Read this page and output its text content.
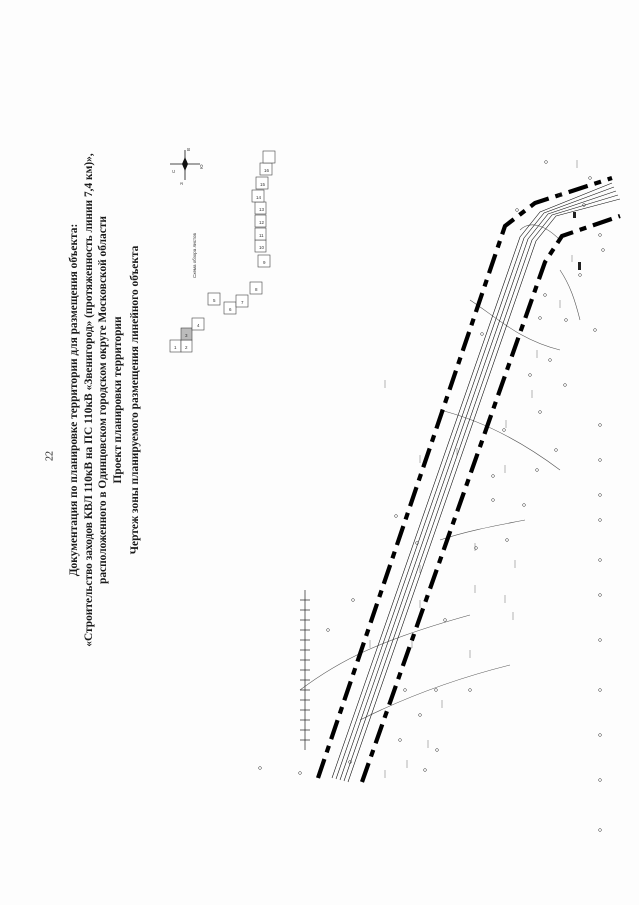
22 Документация по планировке территории для размещения объекта: «Строительство заходов КВЛ 110кВ на ПС 110кВ «Звенигород» (протяженность линии 7,4 км)», расположенного в Одинцовском городском округе Московской области Проект планировки территории Чертеж зоны планируемого размещения линейного объекта
С
В
Ю
З
Схема обзора листов
1 2
3
4
5
6
7
8
9
10
11
12
13
14
15
16
